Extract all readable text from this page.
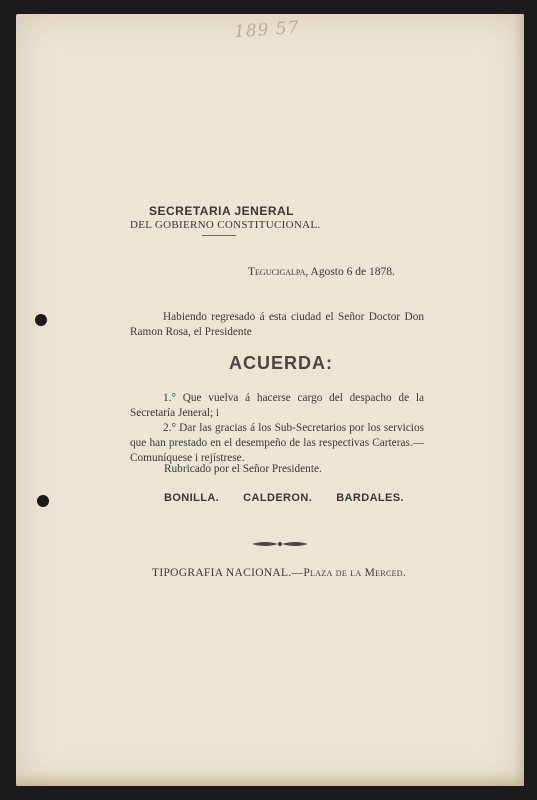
189 57
SECRETARIA JENERAL
DEL GOBIERNO CONSTITUCIONAL.
Tegucigalpa, Agosto 6 de 1878.
Habiendo regresado á esta ciudad el Señor Doctor Don Ramon Rosa, el Presidente
ACUERDA:
1.° Que vuelva á hacerse cargo del despacho de la Secretaría Jeneral; i
2.° Dar las gracias á los Sub-Secretarios por los servicios que han prestado en el desempeño de las respectivas Carteras.—Comuníquese i rejístrese.
Rubricado por el Señor Presidente.
BONILLA. CALDERON. BARDALES.
TIPOGRAFIA NACIONAL.—Plaza de la Merced.
